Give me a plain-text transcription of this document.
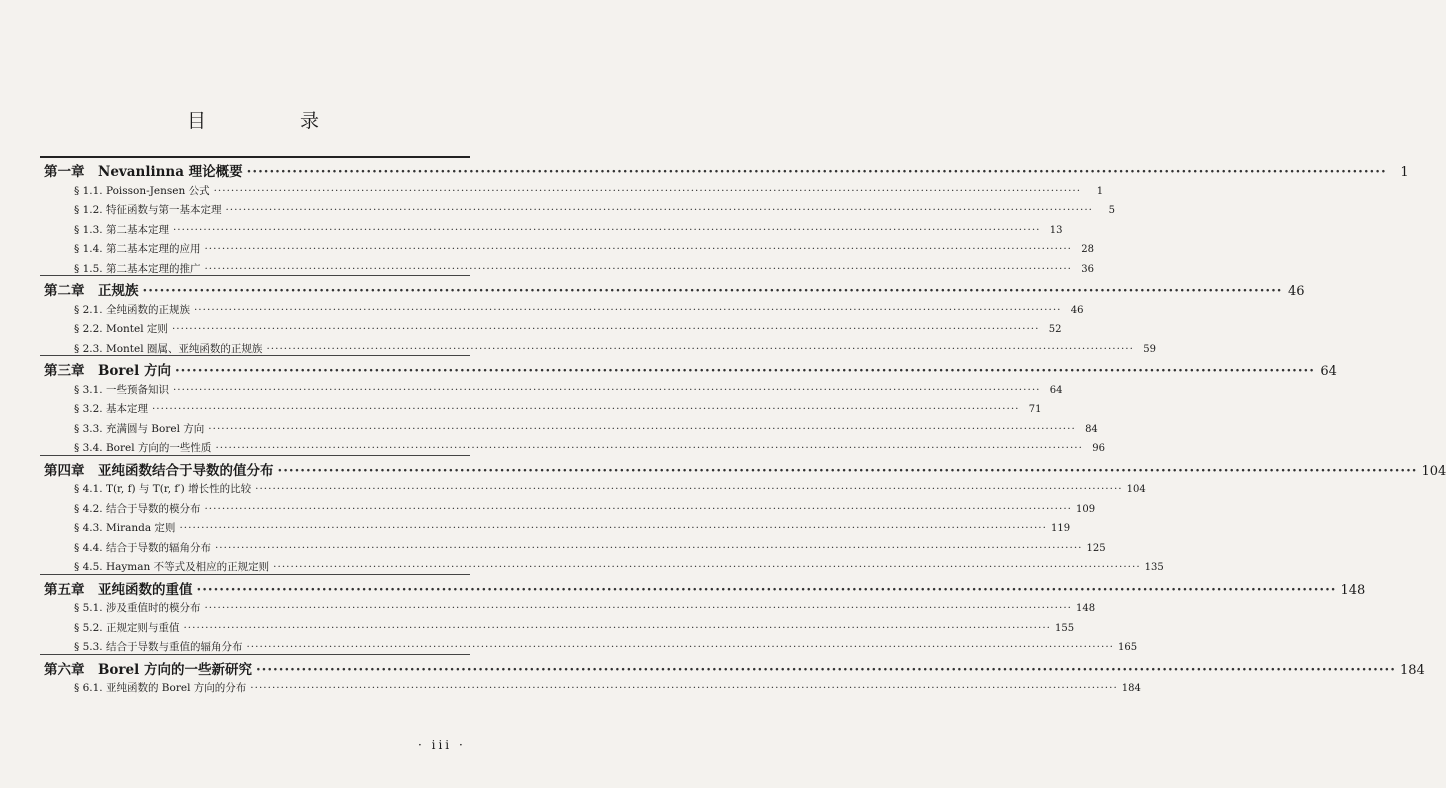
目 录
第一章　Nevanlinna 理论概要 ········································································································································································································	1
§ 1.1. Poisson-Jensen 公式 ········································································································································································································	1
§ 1.2. 特征函数与第一基本定理 ········································································································································································································	5
§ 1.3. 第二基本定理 ········································································································································································································ 13
§ 1.4. 第二基本定理的应用 ········································································································································································································ 28
§ 1.5. 第二基本定理的推广 ········································································································································································································ 36
第二章　正规族 ········································································································································································································ 46
§ 2.1. 全纯函数的正规族 ········································································································································································································ 46
§ 2.2. Montel 定则 ········································································································································································································ 52
§ 2.3. Montel 圈属、亚纯函数的正规族 ········································································································································································································ 59
第三章　Borel 方向 ········································································································································································································ 64
§ 3.1. 一些预备知识 ········································································································································································································ 64
§ 3.2. 基本定理 ········································································································································································································ 71
§ 3.3. 充满圆与 Borel 方向 ········································································································································································································ 84
§ 3.4. Borel 方向的一些性质 ········································································································································································································ 96
第四章　亚纯函数结合于导数的值分布 ········································································································································································································ 104
§ 4.1. T(r, f) 与 T(r, f′) 增长性的比较 ········································································································································································································ 104
§ 4.2. 结合于导数的模分布 ········································································································································································································ 109
§ 4.3. Miranda 定则 ········································································································································································································ 119
§ 4.4. 结合于导数的辐角分布 ········································································································································································································ 125
§ 4.5. Hayman 不等式及相应的正规定则 ········································································································································································································ 135
第五章　亚纯函数的重值 ········································································································································································································ 148
§ 5.1. 涉及重值时的模分布 ········································································································································································································ 148
§ 5.2. 正规定则与重值 ········································································································································································································ 155
§ 5.3. 结合于导数与重值的辐角分布 ········································································································································································································ 165
第六章　Borel 方向的一些新研究 ········································································································································································································ 184
§ 6.1. 亚纯函数的 Borel 方向的分布 ········································································································································································································ 184
· iii ·
